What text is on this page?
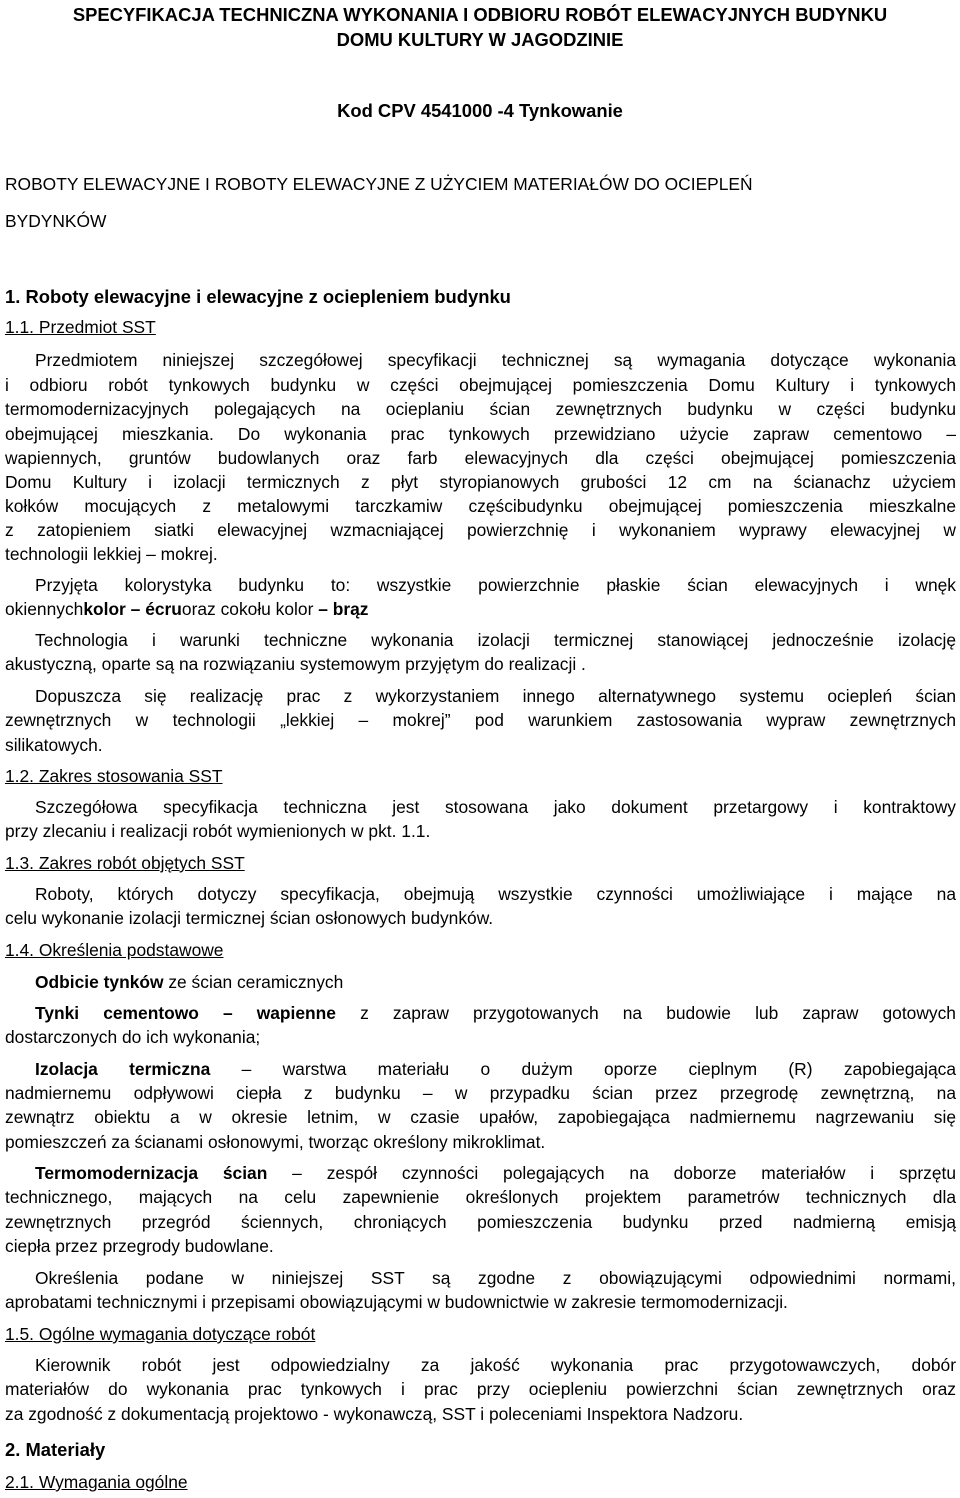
SPECYFIKACJA TECHNICZNA WYKONANIA I ODBIORU ROBÓT ELEWACYJNYCH BUDYNKU
DOMU KULTURY W JAGODZINIE
Kod CPV 4541000 -4 Tynkowanie
ROBOTY ELEWACYJNE I ROBOTY ELEWACYJNE Z UŻYCIEM MATERIAŁÓW DO OCIEPLEŃ
BYDYNKÓW
1. Roboty elewacyjne i elewacyjne z ociepleniem budynku
1.1. Przedmiot SST
Przedmiotem niniejszej szczegółowej specyfikacji technicznej są wymagania dotyczące wykonania
i odbioru robót tynkowych budynku w części obejmującej pomieszczenia Domu Kultury i tynkowych
termomodernizacyjnych polegających na ocieplaniu ścian zewnętrznych budynku w części budynku
obejmującej mieszkania. Do wykonania prac tynkowych przewidziano użycie zapraw cementowo –
wapiennych, gruntów budowlanych oraz farb elewacyjnych dla części obejmującej pomieszczenia
Domu Kultury i izolacji termicznych z płyt styropianowych grubości 12 cm na ścianachz użyciem
kołków mocujących z metalowymi tarczkamiw częścibudynku obejmującej pomieszczenia mieszkalne
z zatopieniem siatki elewacyjnej wzmacniającej powierzchnię i wykonaniem wyprawy elewacyjnej w
technologii lekkiej – mokrej.
Przyjęta kolorystyka budynku to: wszystkie powierzchnie płaskie ścian elewacyjnych i wnęk
okiennychkolor – écruoraz cokołu kolor – brąz
Technologia i warunki techniczne wykonania izolacji termicznej stanowiącej jednocześnie izolację
akustyczną, oparte są na rozwiązaniu systemowym przyjętym do realizacji .
Dopuszcza się realizację prac z wykorzystaniem innego alternatywnego systemu ociepleń ścian
zewnętrznych w technologii „lekkiej – mokrej” pod warunkiem zastosowania wypraw zewnętrznych
silikatowych.
1.2. Zakres stosowania SST
Szczegółowa specyfikacja techniczna jest stosowana jako dokument przetargowy i kontraktowy
przy zlecaniu i realizacji robót wymienionych w pkt. 1.1.
1.3. Zakres robót objętych SST
Roboty, których dotyczy specyfikacja, obejmują wszystkie czynności umożliwiające i mające na
celu wykonanie izolacji termicznej ścian osłonowych budynków.
1.4. Określenia podstawowe
Odbicie tynków ze ścian ceramicznych
Tynki cementowo – wapienne z zapraw przygotowanych na budowie lub zapraw gotowych
dostarczonych do ich wykonania;
Izolacja termiczna – warstwa materiału o dużym oporze cieplnym (R) zapobiegająca
nadmiernemu odpływowi ciepła z budynku – w przypadku ścian przez przegrodę zewnętrzną, na
zewnątrz obiektu a w okresie letnim, w czasie upałów, zapobiegająca nadmiernemu nagrzewaniu się
pomieszczeń za ścianami osłonowymi, tworząc określony mikroklimat.
Termomodernizacja ścian – zespół czynności polegających na doborze materiałów i sprzętu
technicznego, mających na celu zapewnienie określonych projektem parametrów technicznych dla
zewnętrznych przegród ściennych, chroniących pomieszczenia budynku przed nadmierną emisją
ciepła przez przegrody budowlane.
Określenia podane w niniejszej SST są zgodne z obowiązującymi odpowiednimi normami,
aprobatami technicznymi i przepisami obowiązującymi w budownictwie w zakresie termomodernizacji.
1.5. Ogólne wymagania dotyczące robót
Kierownik robót jest odpowiedzialny za jakość wykonania prac przygotowawczych, dobór
materiałów do wykonania prac tynkowych i prac przy ociepleniu powierzchni ścian zewnętrznych oraz
za zgodność z dokumentacją projektowo - wykonawczą, SST i poleceniami Inspektora Nadzoru.
2. Materiały
2.1. Wymagania ogólne
